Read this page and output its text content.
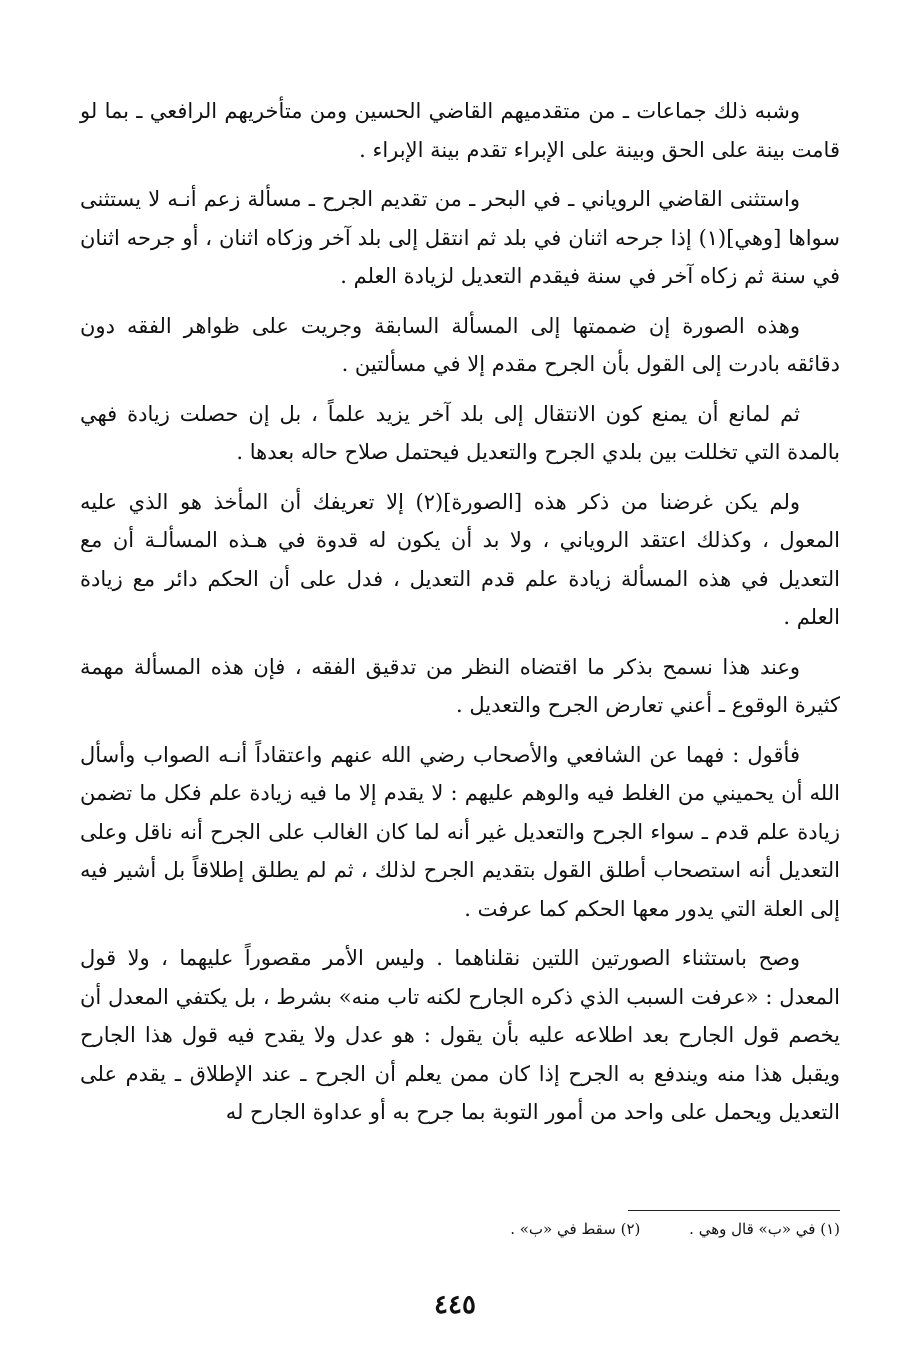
وشبه ذلك جماعات ـ من متقدميهم القاضي الحسين ومن متأخريهم الرافعي ـ بما لو قامت بينة على الحق وبينة على الإبراء تقدم بينة الإبراء .

واستثنى القاضي الروياني ـ في البحر ـ من تقديم الجرح ـ مسألة زعم أنـه لا يستثنى سواها [وهي](١) إذا جرحه اثنان في بلد ثم انتقل إلى بلد آخر وزكاه اثنان ، أو جرحه اثنان في سنة ثم زكاه آخر في سنة فيقدم التعديل لزيادة العلم .

وهذه الصورة إن ضممتها إلى المسألة السابقة وجريت على ظواهر الفقه دون دقائقه بادرت إلى القول بأن الجرح مقدم إلا في مسألتين .

ثم لمانع أن يمنع كون الانتقال إلى بلد آخر يزيد علماً ، بل إن حصلت زيادة فهي بالمدة التي تخللت بين بلدي الجرح والتعديل فيحتمل صلاح حاله بعدها .

ولم يكن غرضنا من ذكر هذه [الصورة](٢) إلا تعريفك أن المأخذ هو الذي عليه المعول ، وكذلك اعتقد الروياني ، ولا بد أن يكون له قدوة في هـذه المسألـة أن مع التعديل في هذه المسألة زيادة علم قدم التعديل ، فدل على أن الحكم دائر مع زيادة العلم .

وعند هذا نسمح بذكر ما اقتضاه النظر من تدقيق الفقه ، فإن هذه المسألة مهمة كثيرة الوقوع ـ أعني تعارض الجرح والتعديل .

فأقول : فهما عن الشافعي والأصحاب رضي الله عنهم واعتقاداً أنـه الصواب وأسأل الله أن يحميني من الغلط فيه والوهم عليهم : لا يقدم إلا ما فيه زيادة علم فكل ما تضمن زيادة علم قدم ـ سواء الجرح والتعديل غير أنه لما كان الغالب على الجرح أنه ناقل وعلى التعديل أنه استصحاب أطلق القول بتقديم الجرح لذلك ، ثم لم يطلق إطلاقاً بل أشير فيه إلى العلة التي يدور معها الحكم كما عرفت .

وصح باستثناء الصورتين اللتين نقلناهما . وليس الأمر مقصوراً عليهما ، ولا قول المعدل : «عرفت السبب الذي ذكره الجارح لكنه تاب منه» بشرط ، بل يكتفي المعدل أن يخصم قول الجارح بعد اطلاعه عليه بأن يقول : هو عدل ولا يقدح فيه قول هذا الجارح ويقبل هذا منه ويندفع به الجرح إذا كان ممن يعلم أن الجرح ـ عند الإطلاق ـ يقدم على التعديل ويحمل على واحد من أمور التوبة بما جرح به أو عداوة الجارح له

(١) في «ب» قال وهي . (٢) سقط في «ب» .
٤٤٥
